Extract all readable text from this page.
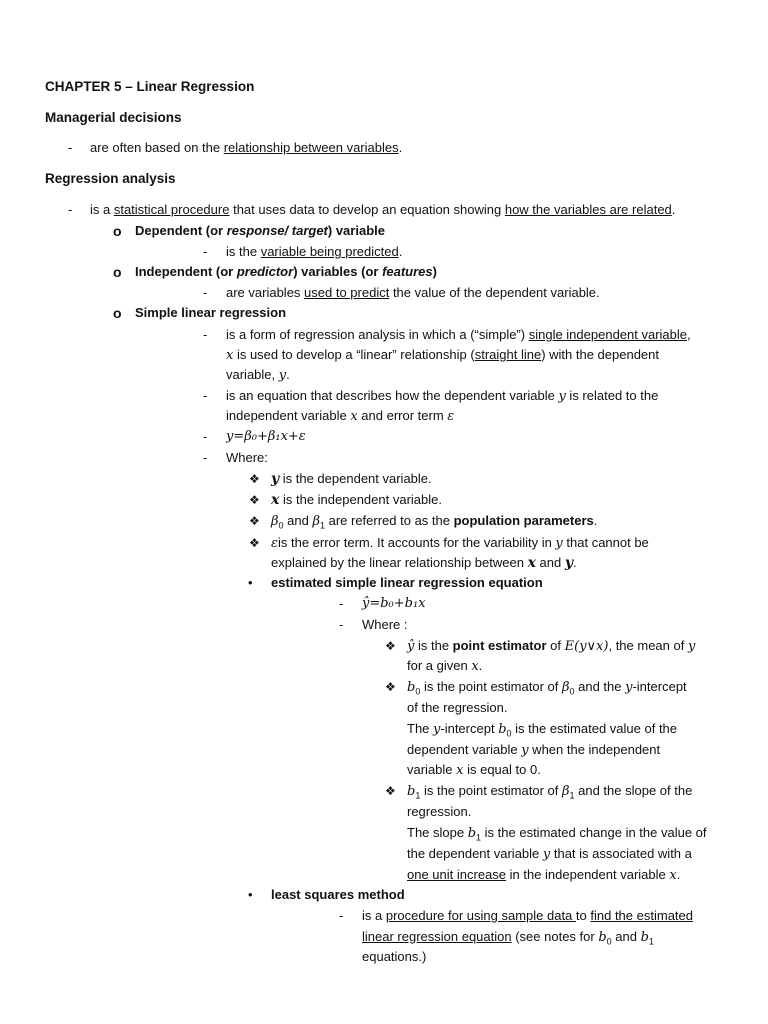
CHAPTER 5 – Linear Regression
Managerial decisions
- are often based on the relationship between variables.
Regression analysis
- is a statistical procedure that uses data to develop an equation showing how the variables are related.
o Dependent (or response/ target) variable
- is the variable being predicted.
o Independent (or predictor) variables (or features)
- are variables used to predict the value of the dependent variable.
o Simple linear regression
- is a form of regression analysis in which a (“simple”) single independent variable,
x is used to develop a “linear” relationship (straight line) with the dependent
variable, y.
- is an equation that describes how the dependent variable y is related to the
independent variable x and error term ε
- y=β₀+β₁x+ε
- Where:
❖ y is the dependent variable.
❖ x is the independent variable.
❖ $\beta_0$ and $\beta_1$ are referred to as the population parameters.
❖ εis the error term. It accounts for the variability in y that cannot be
explained by the linear relationship between x and y.
• estimated simple linear regression equation
- ŷ=b₀+b₁x
- Where :
❖ ŷ is the point estimator of E(y∨x), the mean of y
for a given x.
❖ $b_0$ is the point estimator of $\beta_0$ and the y-intercept
of the regression.
The y-intercept $b_0$ is the estimated value of the
dependent variable y when the independent
variable x is equal to 0.
❖ $b_1$ is the point estimator of $\beta_1$ and the slope of the
regression.
The slope $b_1$ is the estimated change in the value of
the dependent variable y that is associated with a
one unit increase in the independent variable x.
• least squares method
- is a procedure for using sample data to find the estimated
linear regression equation (see notes for $b_0$ and $b_1$
equations.)
